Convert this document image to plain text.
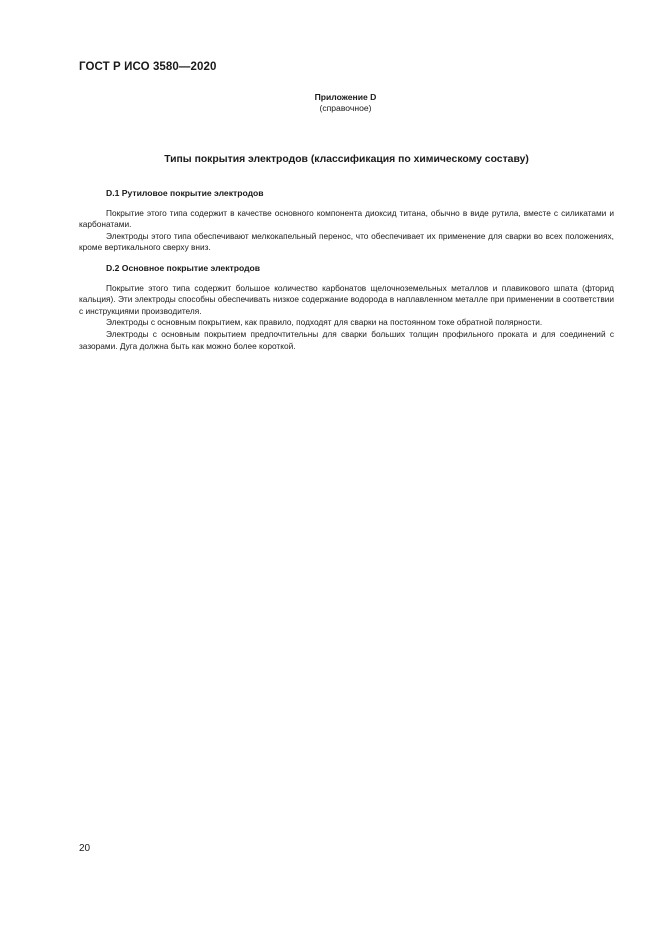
ГОСТ Р ИСО 3580—2020
Приложение D
(справочное)
Типы покрытия электродов (классификация по химическому составу)
D.1 Рутиловое покрытие электродов

Покрытие этого типа содержит в качестве основного компонента диоксид титана, обычно в виде рутила, вместе с силикатами и карбонатами.

Электроды этого типа обеспечивают мелкокапельный перенос, что обеспечивает их применение для сварки во всех положениях, кроме вертикального сверху вниз.

D.2 Основное покрытие электродов

Покрытие этого типа содержит большое количество карбонатов щелочноземельных металлов и плавикового шпата (фторид кальция). Эти электроды способны обеспечивать низкое содержание водорода в наплавленном металле при применении в соответствии с инструкциями производителя.

Электроды с основным покрытием, как правило, подходят для сварки на постоянном токе обратной полярности.

Электроды с основным покрытием предпочтительны для сварки больших толщин профильного проката и для соединений с зазорами. Дуга должна быть как можно более короткой.

20
